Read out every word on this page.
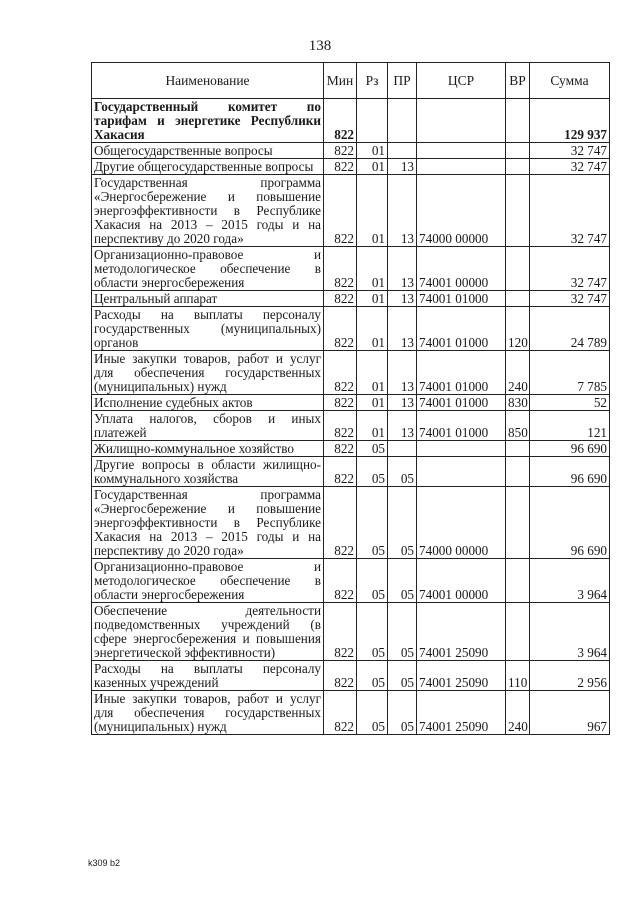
138
Наименование	Мин	Рз	ПР	ЦСР	ВР	Сумма
Государственный комитет по тарифам и энергетике Республики Хакасия	822					129 937
Общегосударственные вопросы	822	01				32 747
Другие общегосударственные вопросы	822	01	13			32 747
Государственная программа «Энергосбережение и повышение энергоэффективности в Республике Хакасия на 2013 – 2015 годы и на перспективу до 2020 года»	822	01	13	74000 00000		32 747
Организационно-правовое и методологическое обеспечение в области энергосбережения	822	01	13	74001 00000		32 747
Центральный аппарат	822	01	13	74001 01000		32 747
Расходы на выплаты персоналу государственных (муниципальных) органов	822	01	13	74001 01000	120	24 789
Иные закупки товаров, работ и услуг для обеспечения государственных (муниципальных) нужд	822	01	13	74001 01000	240	7 785
Исполнение судебных актов	822	01	13	74001 01000	830	52
Уплата налогов, сборов и иных платежей	822	01	13	74001 01000	850	121
Жилищно-коммунальное хозяйство	822	05				96 690
Другие вопросы в области жилищно-коммунального хозяйства	822	05	05			96 690
Государственная программа «Энергосбережение и повышение энергоэффективности в Республике Хакасия на 2013 – 2015 годы и на перспективу до 2020 года»	822	05	05	74000 00000		96 690
Организационно-правовое и методологическое обеспечение в области энергосбережения	822	05	05	74001 00000		3 964
Обеспечение деятельности подведомственных учреждений (в сфере энергосбережения и повышения энергетической эффективности)	822	05	05	74001 25090		3 964
Расходы на выплаты персоналу казенных учреждений	822	05	05	74001 25090	110	2 956
Иные закупки товаров, работ и услуг для обеспечения государственных (муниципальных) нужд	822	05	05	74001 25090	240	967
k309 b2
